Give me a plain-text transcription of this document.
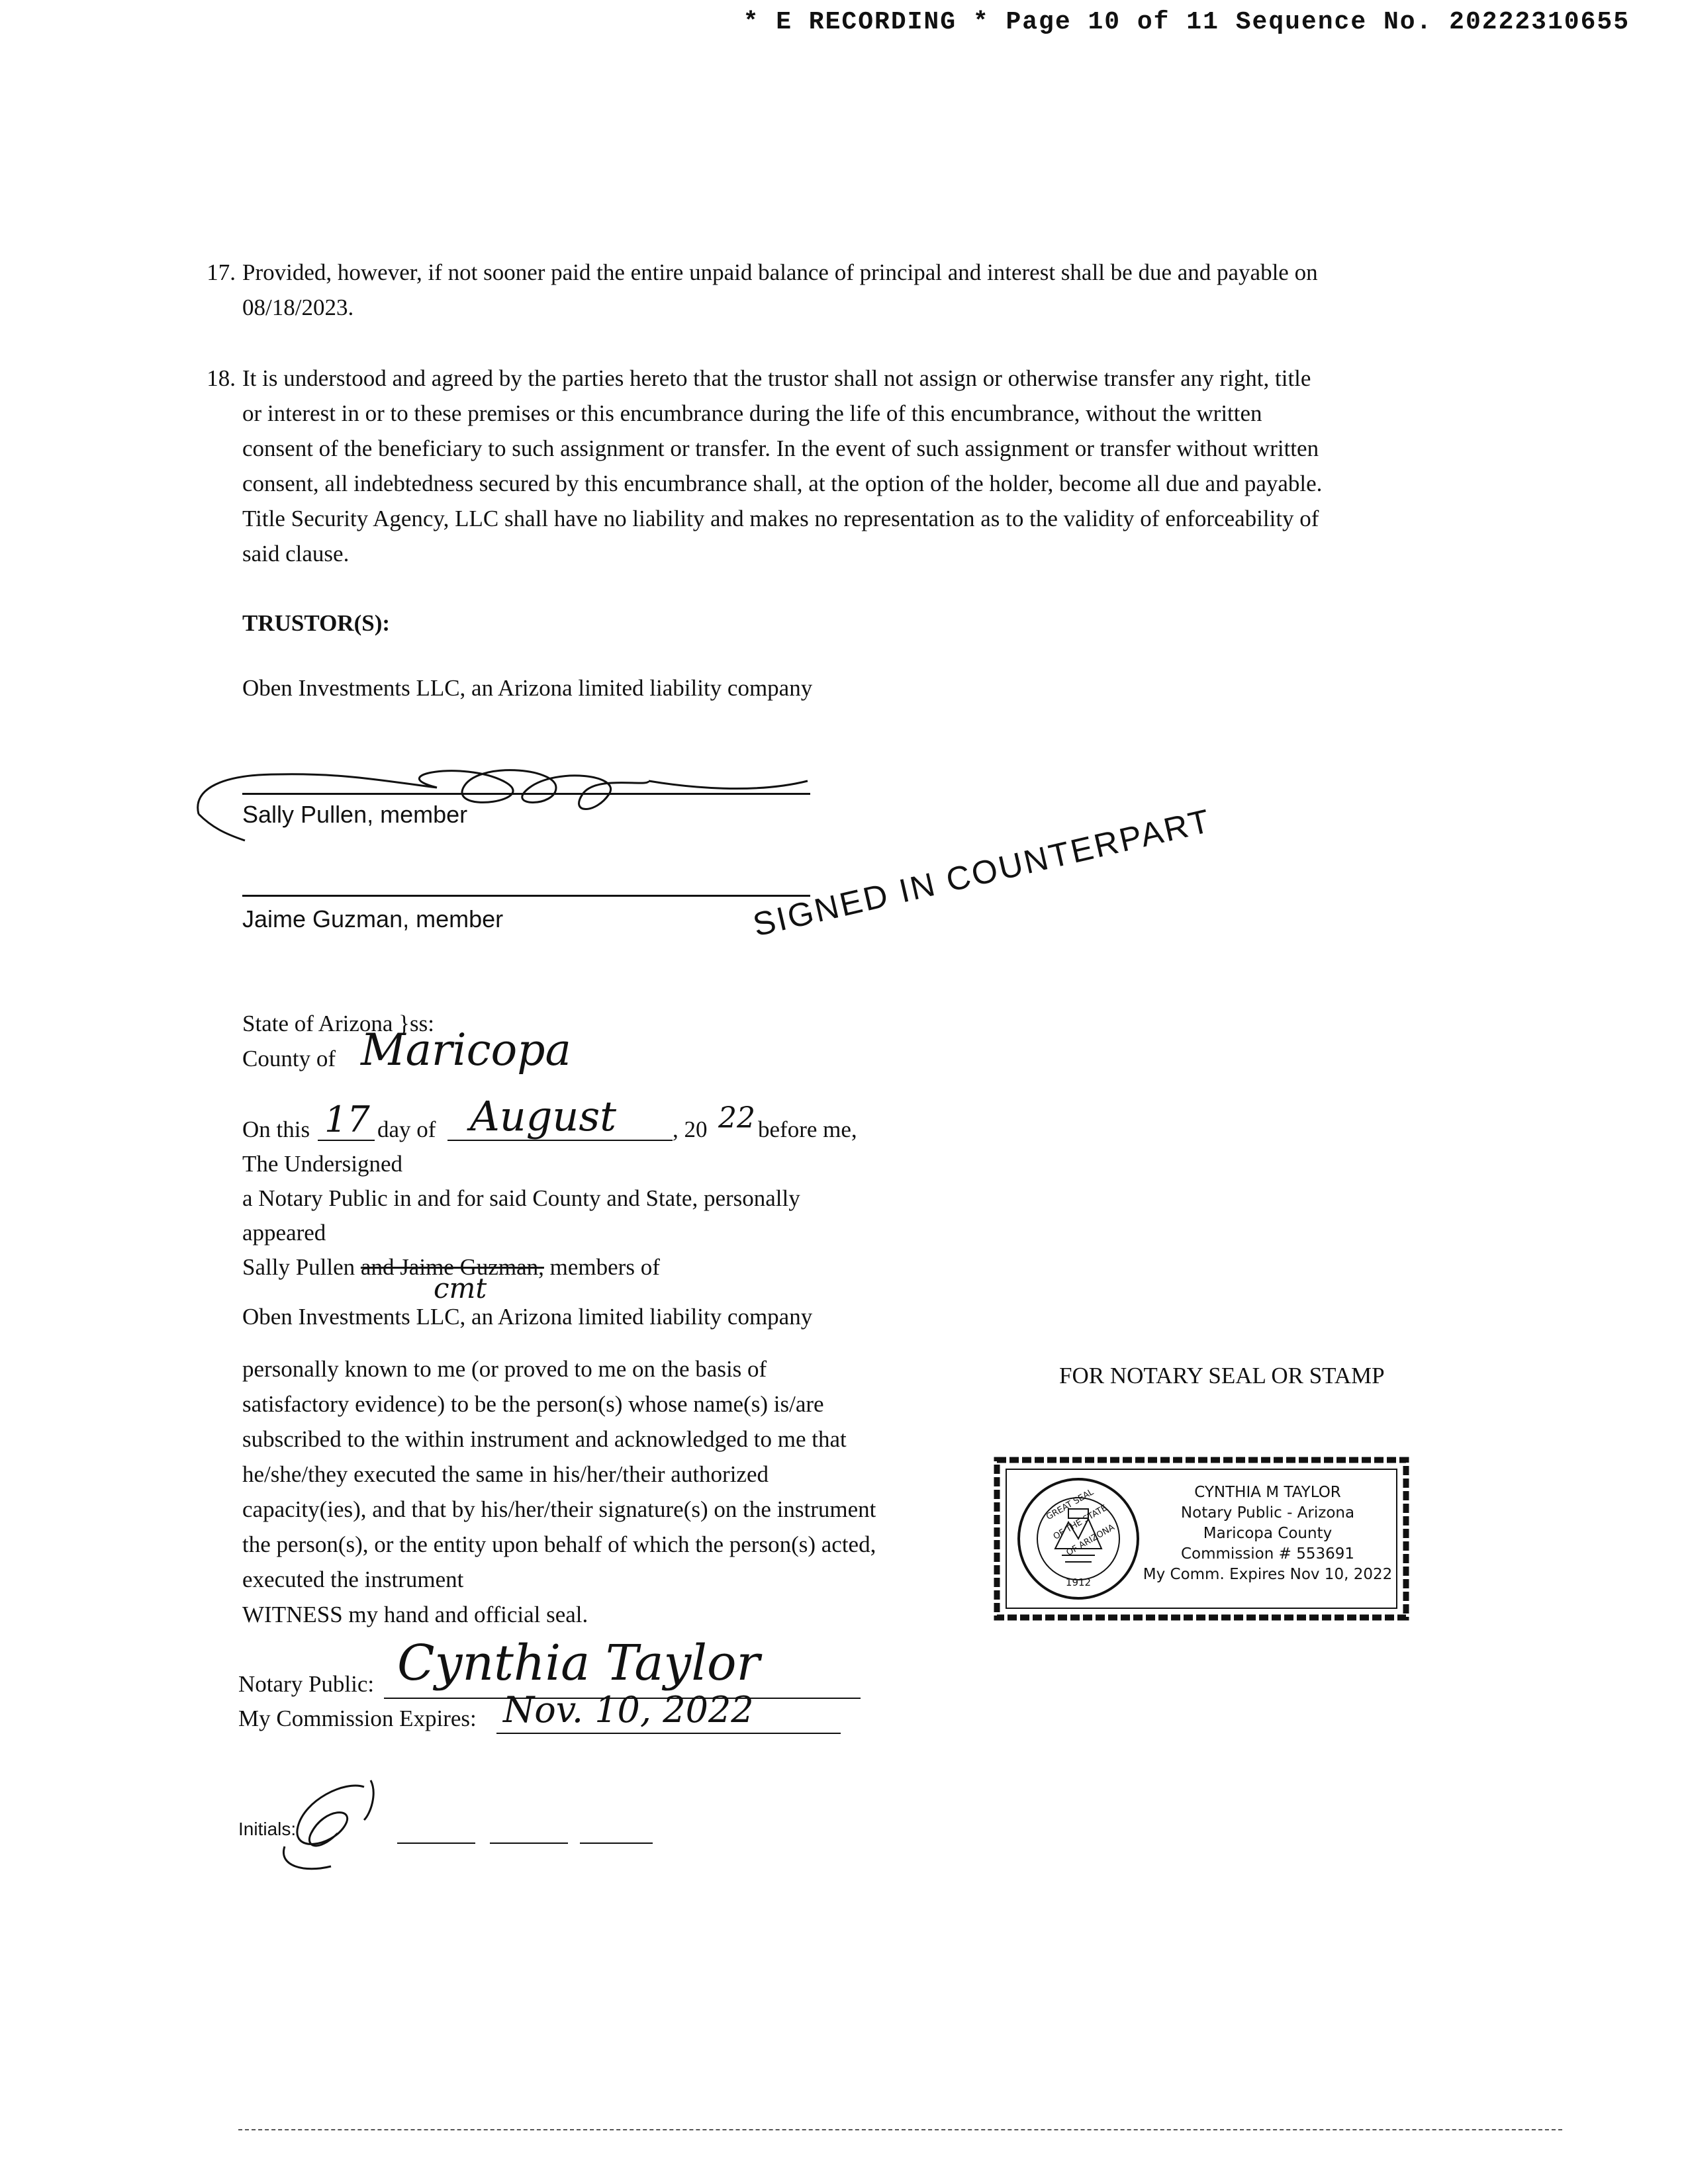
* E RECORDING * Page 10 of 11 Sequence No. 20222310655
17. Provided, however, if not sooner paid the entire unpaid balance of principal and interest shall be due and payable on
08/18/2023.
18. It is understood and agreed by the parties hereto that the trustor shall not assign or otherwise transfer any right, title
or interest in or to these premises or this encumbrance during the life of this encumbrance, without the written
consent of the beneficiary to such assignment or transfer. In the event of such assignment or transfer without written
consent, all indebtedness secured by this encumbrance shall, at the option of the holder, become all due and payable.
Title Security Agency, LLC shall have no liability and makes no representation as to the validity of enforceability of
said clause.
TRUSTOR(S):
Oben Investments LLC, an Arizona limited liability company
Sally Pullen, member
Jaime Guzman, member	SIGNED IN COUNTERPART
State of Arizona }ss:
County of Maricopa
On this 17 day of August , 20 22 before me,
The Undersigned
a Notary Public in and for said County and State, personally
appeared
Sally Pullen and Jaime Guzman, members of
cmt
Oben Investments LLC, an Arizona limited liability company
personally known to me (or proved to me on the basis of
satisfactory evidence) to be the person(s) whose name(s) is/are
subscribed to the within instrument and acknowledged to me that
he/she/they executed the same in his/her/their authorized
capacity(ies), and that by his/her/their signature(s) on the instrument
the person(s), or the entity upon behalf of which the person(s) acted,
executed the instrument
WITNESS my hand and official seal.
Notary Public: Cynthia Taylor
My Commission Expires: Nov. 10, 2022
FOR NOTARY SEAL OR STAMP
GREAT SEAL OF THE STATE OF ARIZONA
1912
CYNTHIA M TAYLOR
Notary Public - Arizona
Maricopa County
Commission # 553691
My Comm. Expires Nov 10, 2022
Initials:
